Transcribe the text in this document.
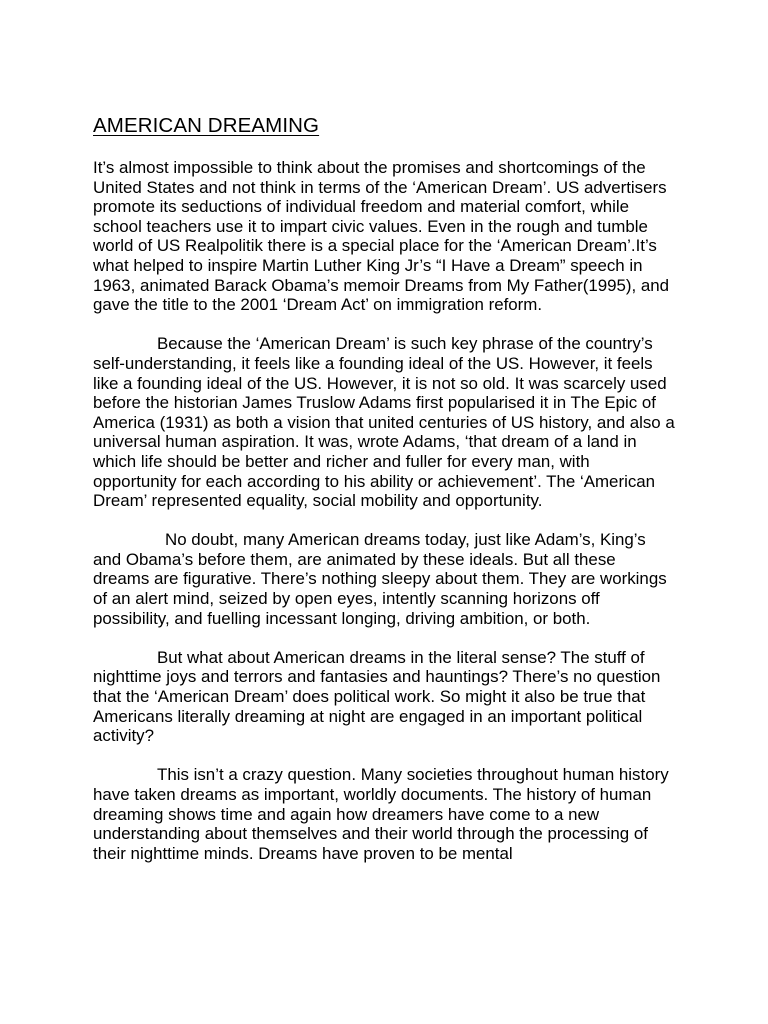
AMERICAN DREAMING

It’s almost impossible to think about the promises and shortcomings of the United States and not think in terms of the ‘American Dream’. US advertisers promote its seductions of individual freedom and material comfort, while school teachers use it to impart civic values. Even in the rough and tumble world of US Realpolitik there is a special place for the ‘American Dream’.It’s what helped to inspire Martin Luther King Jr’s “I Have a Dream” speech in 1963, animated Barack Obama’s memoir Dreams from My Father(1995), and gave the title to the 2001 ‘Dream Act’ on immigration reform.

Because the ‘American Dream’ is such key phrase of the country’s self-understanding, it feels like a founding ideal of the US. However, it feels like a founding ideal of the US. However, it is not so old. It was scarcely used before the historian James Truslow Adams first popularised it in The Epic of America (1931) as both a vision that united centuries of US history, and also a universal human aspiration. It was, wrote Adams, ‘that dream of a land in which life should be better and richer and fuller for every man, with opportunity for each according to his ability or achievement’. The ‘American Dream’ represented equality, social mobility and opportunity.

No doubt, many American dreams today, just like Adam’s, King’s and Obama’s before them, are animated by these ideals. But all these dreams are figurative. There’s nothing sleepy about them. They are workings of an alert mind, seized by open eyes, intently scanning horizons off possibility, and fuelling incessant longing, driving ambition, or both.

But what about American dreams in the literal sense? The stuff of nighttime joys and terrors and fantasies and hauntings? There’s no question that the ‘American Dream’ does political work. So might it also be true that Americans literally dreaming at night are engaged in an important political activity?

This isn’t a crazy question. Many societies throughout human history have taken dreams as important, worldly documents. The history of human dreaming shows time and again how dreamers have come to a new understanding about themselves and their world through the processing of their nighttime minds. Dreams have proven to be mental
